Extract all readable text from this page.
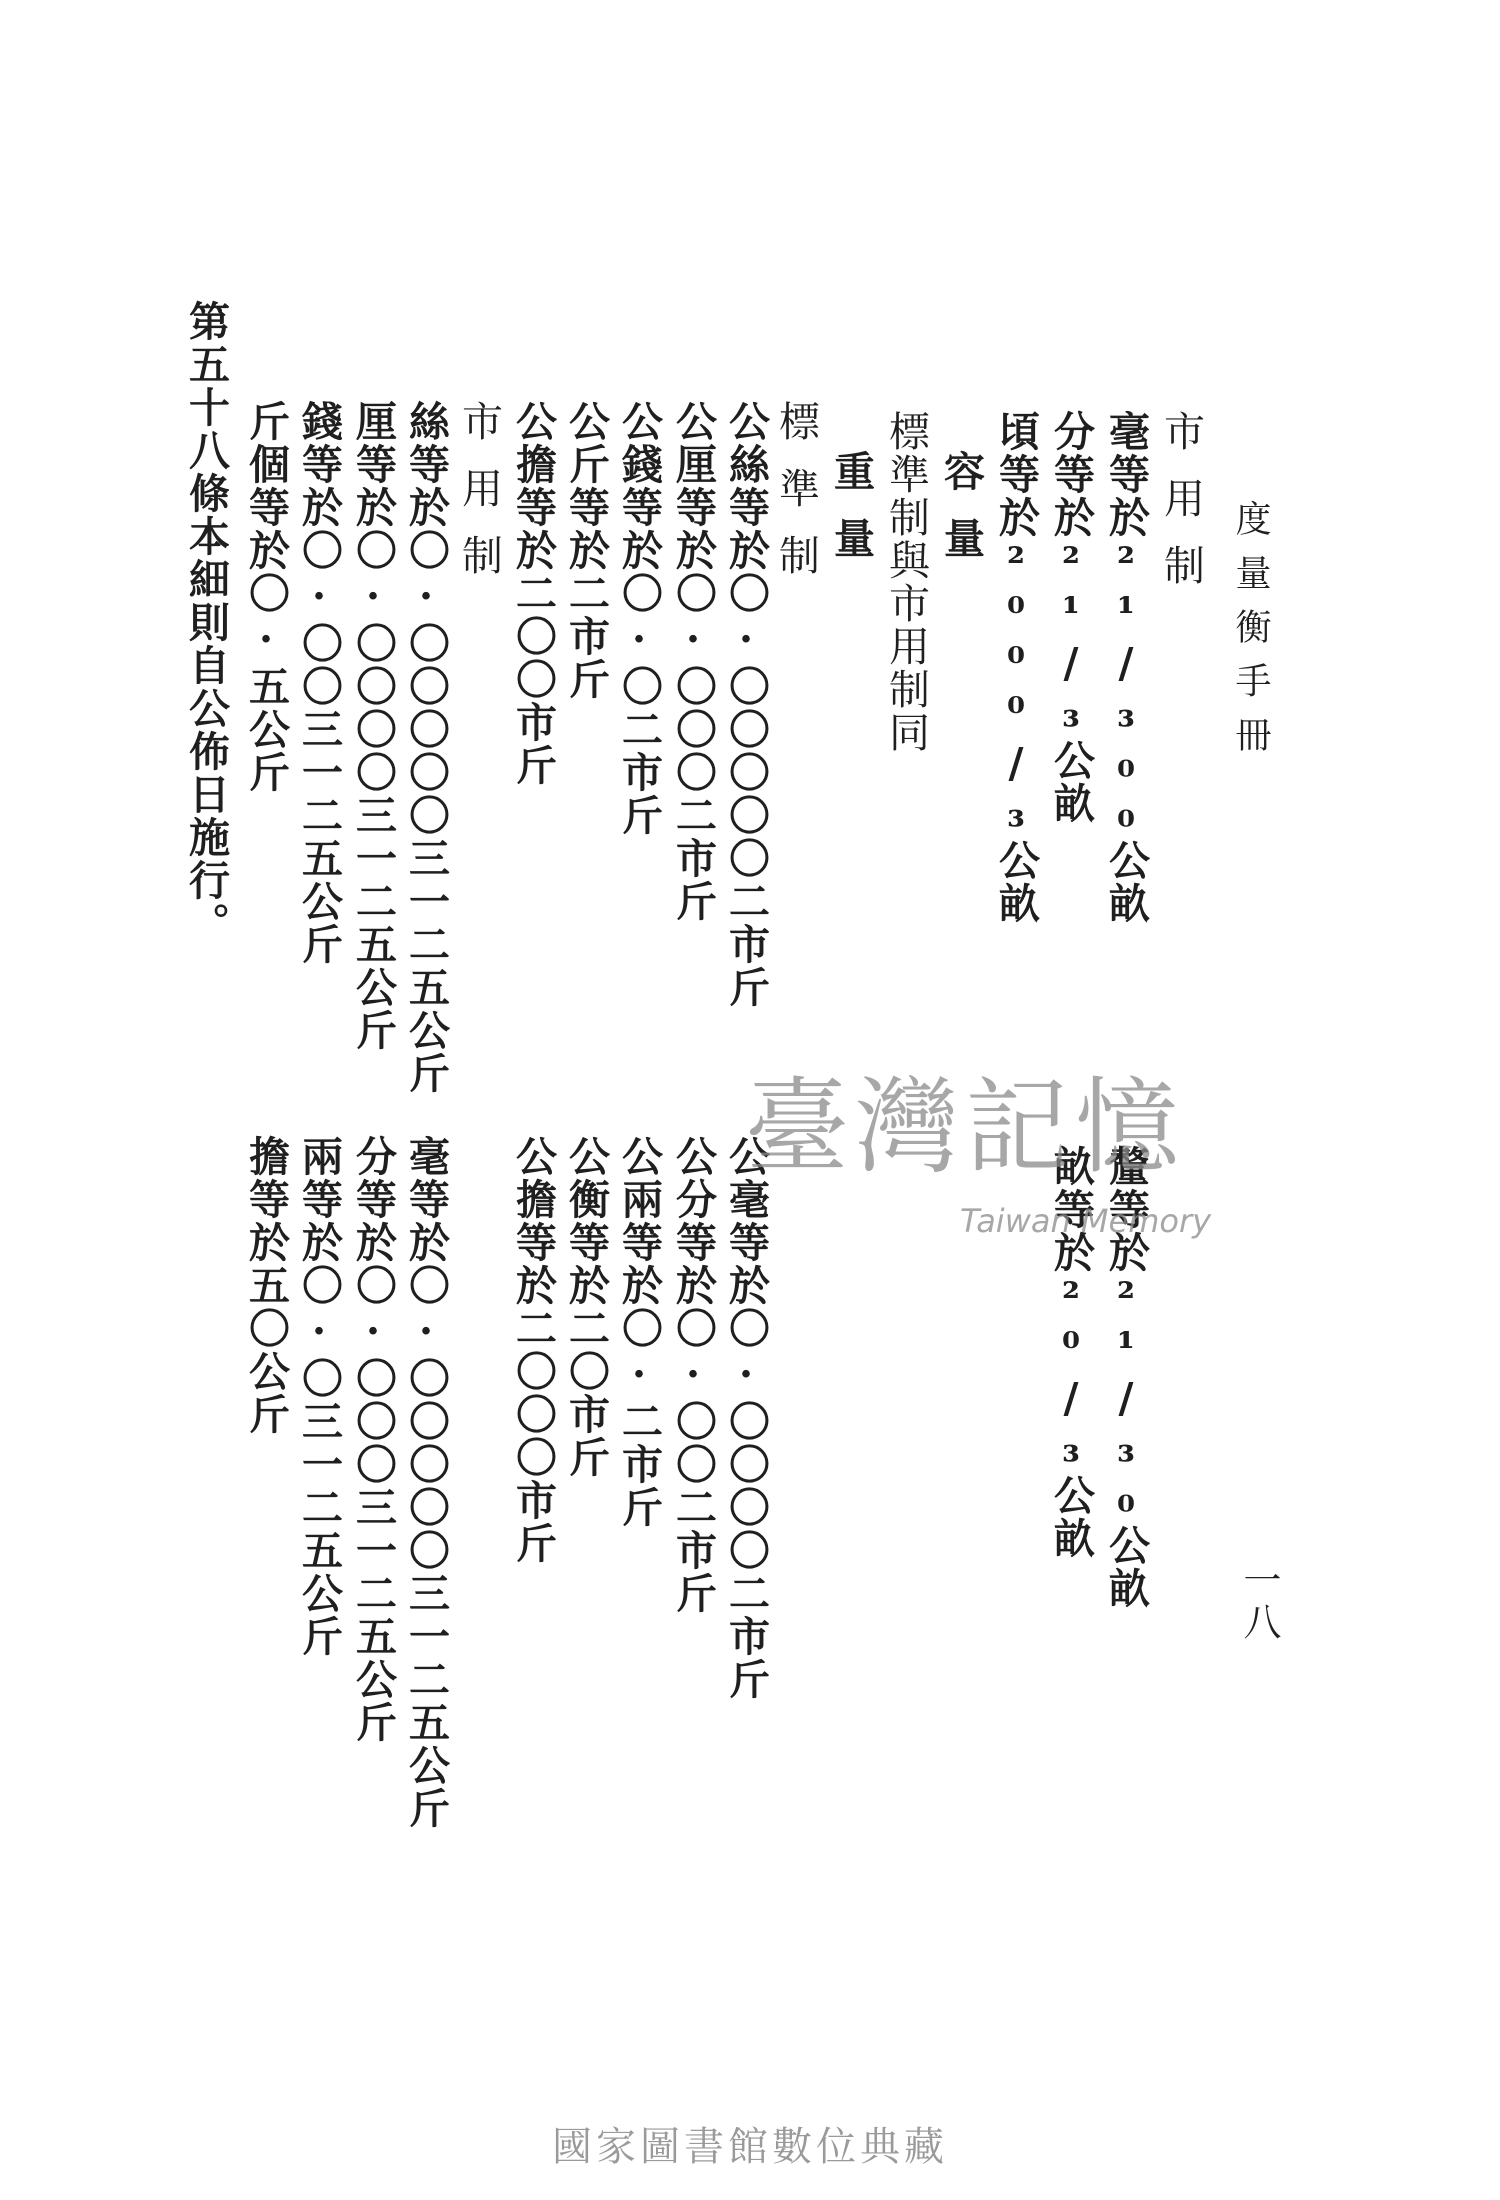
度量衡手冊
一八
市用制
毫等於²¹/₃₀₀公畝
分等於²¹/₃公畝
頃等於²⁰⁰⁰/₃公畝
容量
標準制與市用制同
重量
標準制
公絲等於〇·〇〇〇〇〇二市斤
公厘等於〇·〇〇〇二市斤
公錢等於〇·〇二市斤
公斤等於二市斤
公擔等於二〇〇市斤
市用制
絲等於〇·〇〇〇〇〇三一二五公斤
厘等於〇·〇〇〇〇三一二五公斤
錢等於〇·〇〇三一二五公斤
斤個等於〇·五公斤
第五十八條本細則自公佈日施行。
畝等於²⁰/₃公畝 釐等於²¹/₃₀公畝
公毫等於〇·〇〇〇〇二市斤
公分等於〇·〇〇二市斤
公兩等於〇·二市斤
公衡等於二〇市斤
公擔等於二〇〇〇市斤
毫等於〇·〇〇〇〇〇三一二五公斤
分等於〇·〇〇〇三一二五公斤
兩等於〇·〇三一二五公斤
擔等於五〇公斤
臺灣記憶
Taiwan Memory
國家圖書館數位典藏
